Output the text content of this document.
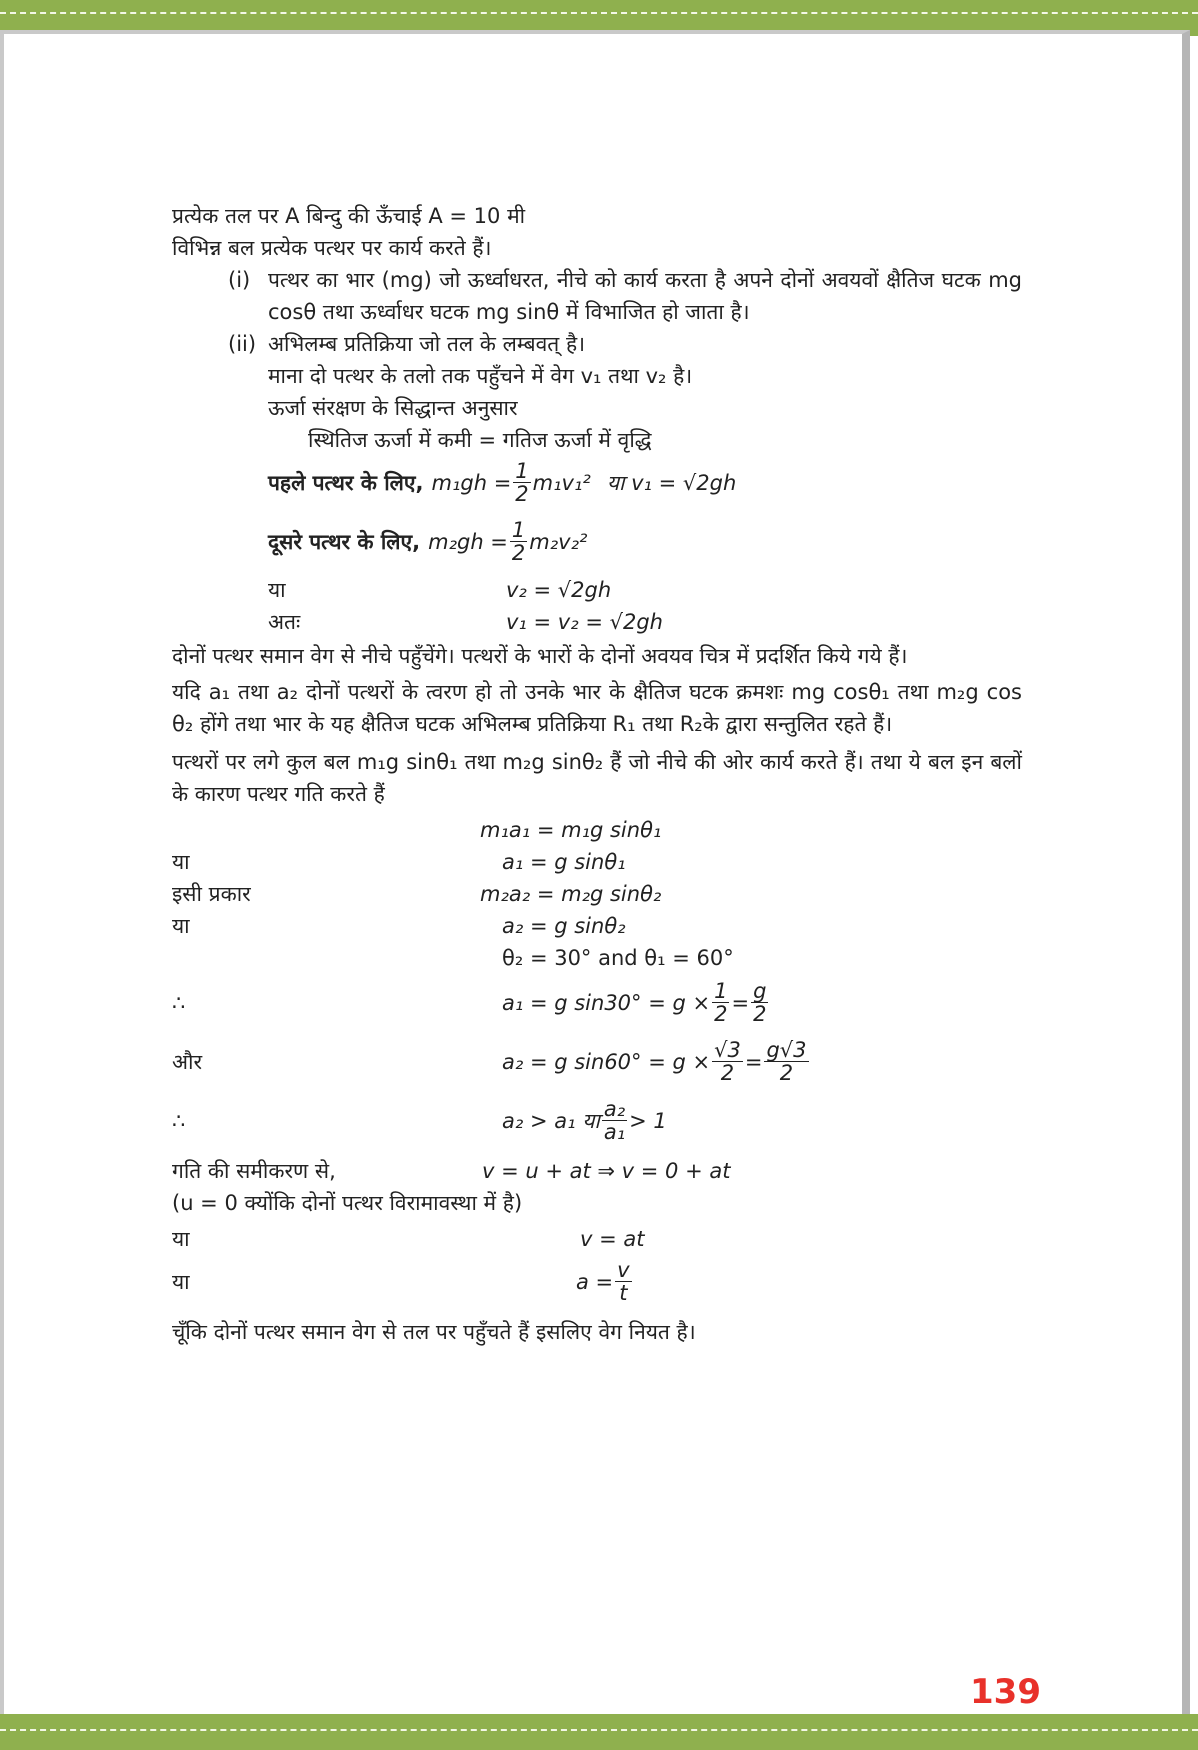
प्रत्येक तल पर A बिन्दु की ऊँचाई A = 10 मी

विभिन्न बल प्रत्येक पत्थर पर कार्य करते हैं।

(i) पत्थर का भार (mg) जो ऊर्ध्वाधरत, नीचे को कार्य करता है अपने दोनों अवयवों क्षैतिज घटक mg cosθ तथा ऊर्ध्वाधर घटक mg sinθ में विभाजित हो जाता है।
(ii) अभिलम्ब प्रतिक्रिया जो तल के लम्बवत् है।

माना दो पत्थर के तलो तक पहुँचने में वेग v₁ तथा v₂ है।

ऊर्जा संरक्षण के सिद्धान्त अनुसार

स्थितिज ऊर्जा में कमी = गतिज ऊर्जा में वृद्धि

पहले पत्थर के लिए, $m_1gh = \frac{1}{2} m_1v_1^2$ या v₁ = √2gh
दूसरे पत्थर के लिए, $m_2gh = \frac{1}{2} m_2v_2^2$
या	v₂ = √2gh
अतः	v₁ = v₂ = √2gh

दोनों पत्थर समान वेग से नीचे पहुँचेंगे। पत्थरों के भारों के दोनों अवयव चित्र में प्रदर्शित किये गये हैं।

यदि a₁ तथा a₂ दोनों पत्थरों के त्वरण हो तो उनके भार के क्षैतिज घटक क्रमशः mg cosθ₁ तथा m₂g cos θ₂ होंगे तथा भार के यह क्षैतिज घटक अभिलम्ब प्रतिक्रिया R₁ तथा R₂के द्वारा सन्तुलित रहते हैं।

पत्थरों पर लगे कुल बल m₁g sinθ₁ तथा m₂g sinθ₂ हैं जो नीचे की ओर कार्य करते हैं। तथा ये बल इन बलों के कारण पत्थर गति करते हैं

m₁a₁ = m₁g sinθ₁
या	a₁ = g sinθ₁
इसी प्रकार	m₂a₂ = m₂g sinθ₂
या	a₂ = g sinθ₂
θ₂ = 30° and θ₁ = 60°
∴	a₁ = g $\sin 30^\circ = g \times \frac{1}{2} = \frac{g}{2}$
और	a₂ = g $\sin 60^\circ = g \times \frac{√3}{2} = \frac{g√3}{2}$
∴	a₂ > a₁ या $\frac{\text{a₂}}{\text{a₁}} > 1$
गति की समीकरण से,	v = u + at ⇒ v = 0 + at

(u = 0 क्योंकि दोनों पत्थर विरामावस्था में है)

या	v = at
या	$a = \frac{v}{t}$

चूँकि दोनों पत्थर समान वेग से तल पर पहुँचते हैं इसलिए वेग नियत है।

139
